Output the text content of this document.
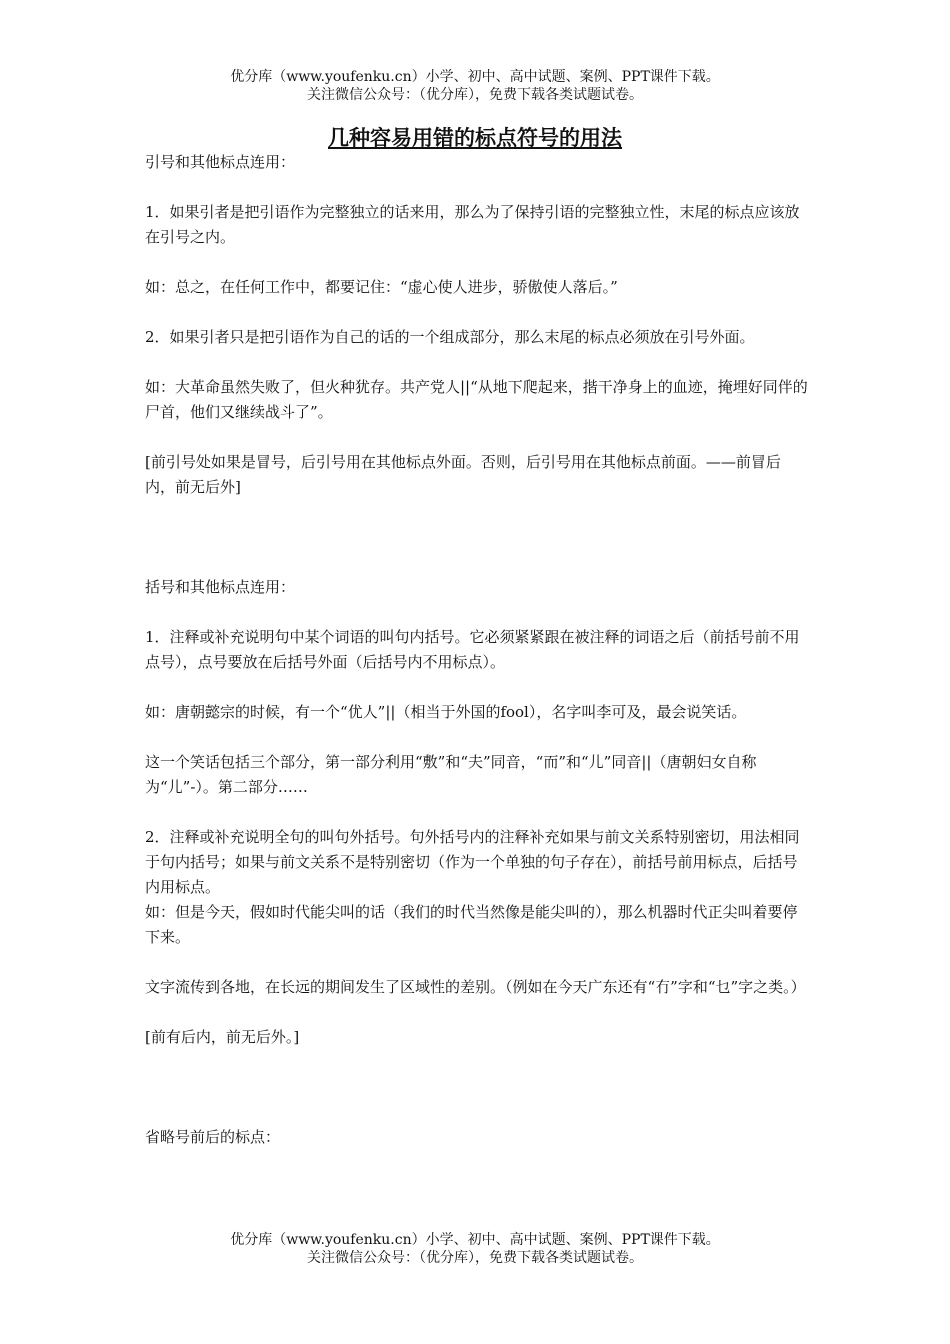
优分库（www.youfenku.cn）小学、初中、高中试题、案例、PPT课件下载。
关注微信公众号：（优分库），免费下载各类试题试卷。
几种容易用错的标点符号的用法

引号和其他标点连用：

1．如果引者是把引语作为完整独立的话来用，那么为了保持引语的完整独立性，末尾的标点应该放在引号之内。

如：总之，在任何工作中，都要记住：“虚心使人进步，骄傲使人落后。”

2．如果引者只是把引语作为自己的话的一个组成部分，那么末尾的标点必须放在引号外面。

如：大革命虽然失败了，但火种犹存。共产党人||“从地下爬起来，揩干净身上的血迹，掩埋好同伴的尸首，他们又继续战斗了”。

[前引号处如果是冒号，后引号用在其他标点外面。否则，后引号用在其他标点前面。——前冒后内，前无后外]

括号和其他标点连用：

1．注释或补充说明句中某个词语的叫句内括号。它必须紧紧跟在被注释的词语之后（前括号前不用点号），点号要放在后括号外面（后括号内不用标点）。

如：唐朝懿宗的时候，有一个“优人”||（相当于外国的fool），名字叫李可及，最会说笑话。

这一个笑话包括三个部分，第一部分利用“敷”和“夫”同音，“而”和“儿”同音||（唐朝妇女自称为“儿”-）。第二部分……

2．注释或补充说明全句的叫句外括号。句外括号内的注释补充如果与前文关系特别密切，用法相同于句内括号；如果与前文关系不是特别密切（作为一个单独的句子存在），前括号前用标点，后括号内用标点。

如：但是今天，假如时代能尖叫的话（我们的时代当然像是能尖叫的），那么机器时代正尖叫着要停下来。

文字流传到各地，在长远的期间发生了区域性的差别。（例如在今天广东还有“冇”字和“乜”字之类。）

[前有后内，前无后外。]

省略号前后的标点：

优分库（www.youfenku.cn）小学、初中、高中试题、案例、PPT课件下载。
关注微信公众号：（优分库），免费下载各类试题试卷。
